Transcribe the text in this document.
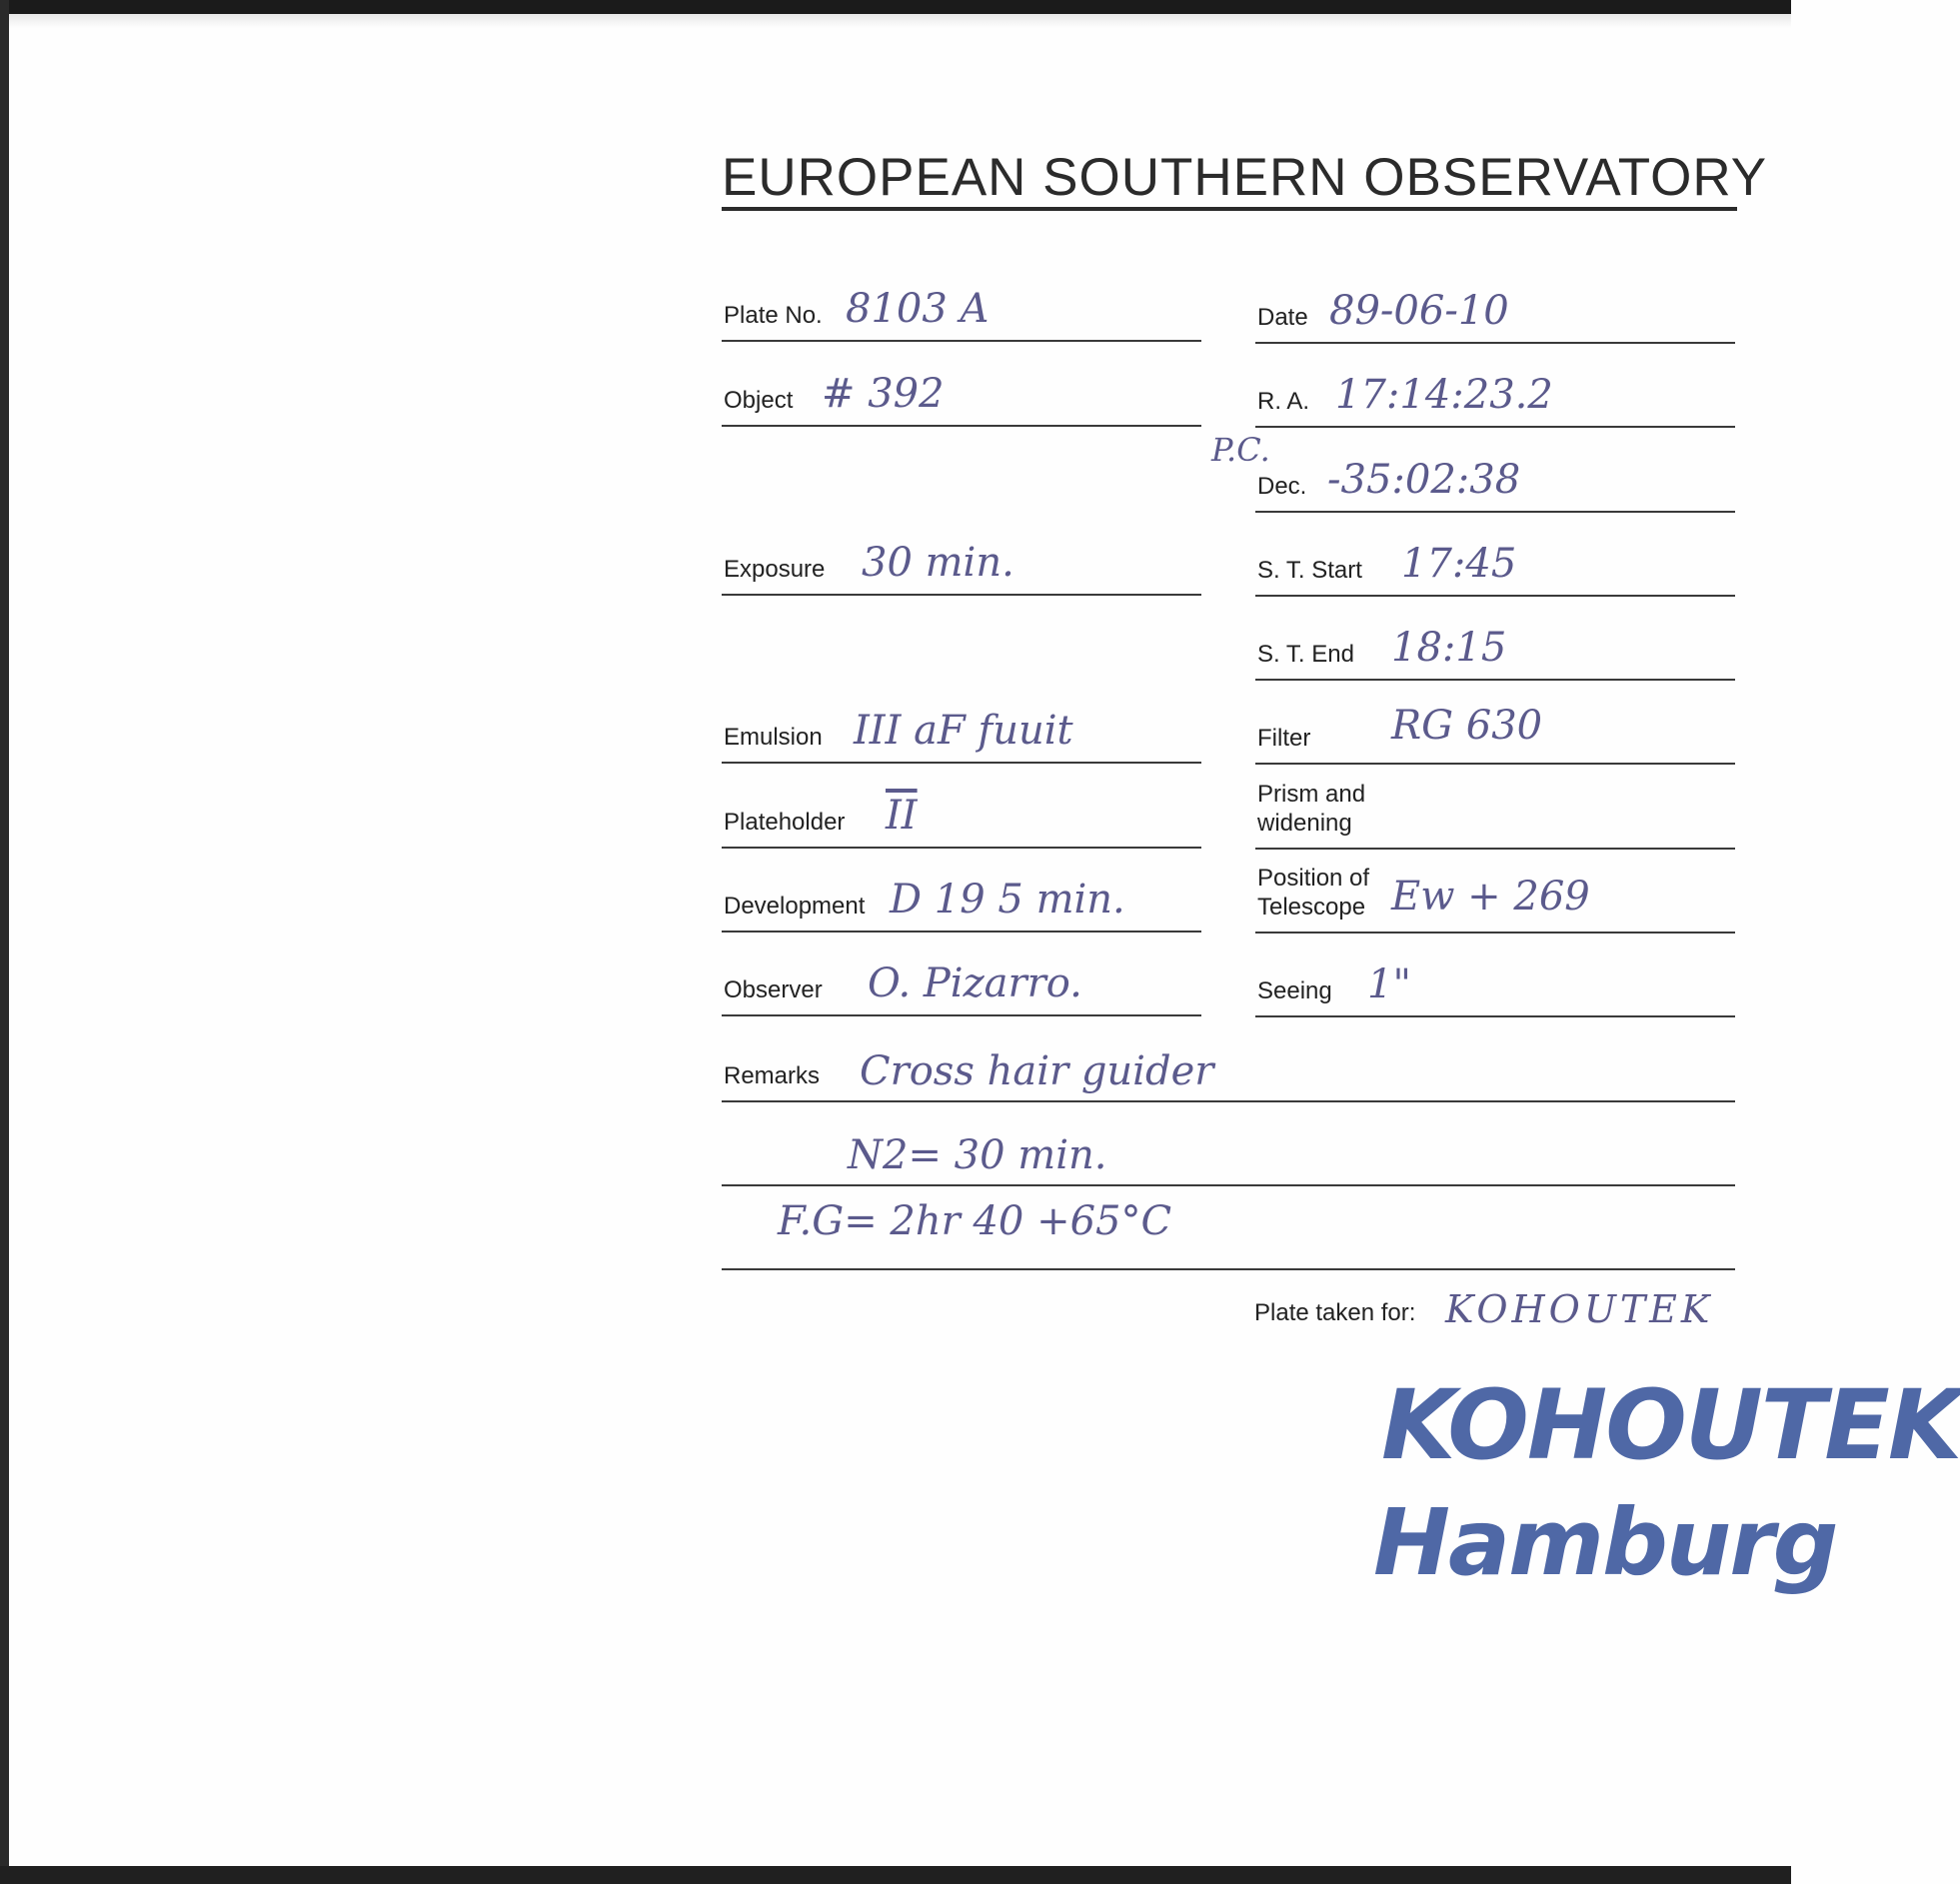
EUROPEAN SOUTHERN OBSERVATORY
Plate No. 8103 A
Object # 392
Exposure 30 min.
Emulsion III aF fuuit
Plateholder $\overline{II}$
Development D 19 5 min.
Observer O. Pizarro.
Date 89-06-10
R. A. 17:14:23.2
P.C.
Dec. -35:02:38
S. T. Start 17:45
S. T. End 18:15
Filter RG 630
Prism and
widening
Position of
Telescope Ew + 269
Seeing 1"
Remarks Cross hair guider
N2= 30 min.
F.G= 2hr 40 +65°C
Plate taken for: KOHOUTEK
KOHOUTEK
Hamburg
